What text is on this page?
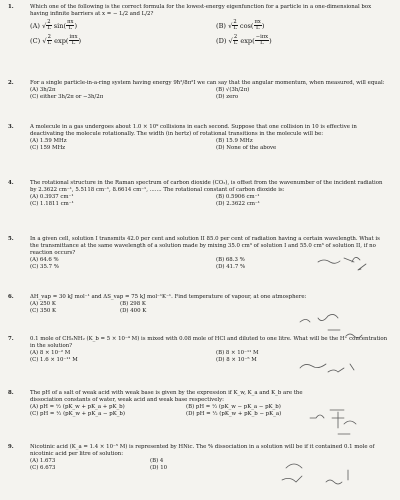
1.	Which one of the following is the correct formula for the lowest-energy eigenfunction for a particle in a one-dimensional box having infinite barriers at x = − L/2 and L/2?
(A) √ $\frac{2}{L} \sin( \frac{\pi x}{L}$ )	(B) √ $\frac{2}{L} \cos( \frac{\pi x}{L}$ )
(C) √ $\frac{2}{L} \exp( \frac{\text{iπx}}{L}$ )	(D) √ $\frac{2}{L} \exp( \frac{\text{−iπx}}{L}$ )
2.	For a single particle-in-a-ring system having energy 9ħ²/8π²I we can say that the angular momentum, when measured, will equal:
(A) 3h/2π	(B) √(3h/2π)
(C) either 3h/2π or −3h/2π	(D) zero
3.	A molecule in a gas undergoes about 1.0 × 10⁹ collisions in each second. Suppose that one collision in 10 is effective in deactivating the molecule rotationally. The width (in hertz) of rotational transitions in the molecule will be:
(A) 1.59 MHz	(B) 15.9 MHz
(C) 159 MHz	(D) None of the above
4.	The rotational structure in the Raman spectrum of carbon dioxide (CO₂), is offset from the wavenumber of the incident radiation by 2.3622 cm⁻¹, 5.5118 cm⁻¹, 8.6614 cm⁻¹, ....... The rotational constant of carbon dioxide is:
(A) 0.3937 cm⁻¹	(B) 0.5906 cm⁻¹
(C) 1.1811 cm⁻¹	(D) 2.3622 cm⁻¹
5.	In a given cell, solution I transmits 42.0 per cent and solution II 85.0 per cent of radiation having a certain wavelength. What is the transmittance at the same wavelength of a solution made by mixing 35.0 cm³ of solution I and 55.0 cm³ of solution II, if no reaction occurs?
(A) 64.6 %	(B) 68.3 %
(C) 35.7 %	(D) 41.7 %
6.	ΔH_vap = 30 kJ mol⁻¹ and ΔS_vap = 75 kJ mol⁻¹K⁻¹. Find temperature of vapour, at one atmosphere:
(A) 250 K	(B) 298 K
(C) 350 K	(D) 400 K
7.	0.1 mole of CH₃NH₂ (K_b = 5 × 10⁻⁴ M) is mixed with 0.08 mole of HCl and diluted to one litre. What will be the H⁺ concentration in the solution?
(A) 8 × 10⁻² M	(B) 8 × 10⁻¹¹ M
(C) 1.6 × 10⁻¹¹ M	(D) 8 × 10⁻⁵ M
8.	The pH of a salt of weak acid with weak base is given by the expression if K_w, K_a and K_b are the dissociation constants of water, weak acid and weak base respectively:
(A) pH = ½ (pK_w + pK_a + pK_b)	(B) pH = ½ (pK_w − pK_a − pK_b)
(C) pH = ½ (pK_w + pK_a − pK_b)	(D) pH = ½ (pK_w + pK_b − pK_a)
9.	Nicotinic acid (K_a = 1.4 × 10⁻⁵ M) is represented by HNic. The % dissociation in a solution will be if it contained 0.1 mole of nicotinic acid per litre of solution:
(A) 1.673	(B) 4
(C) 6.673	(D) 10
